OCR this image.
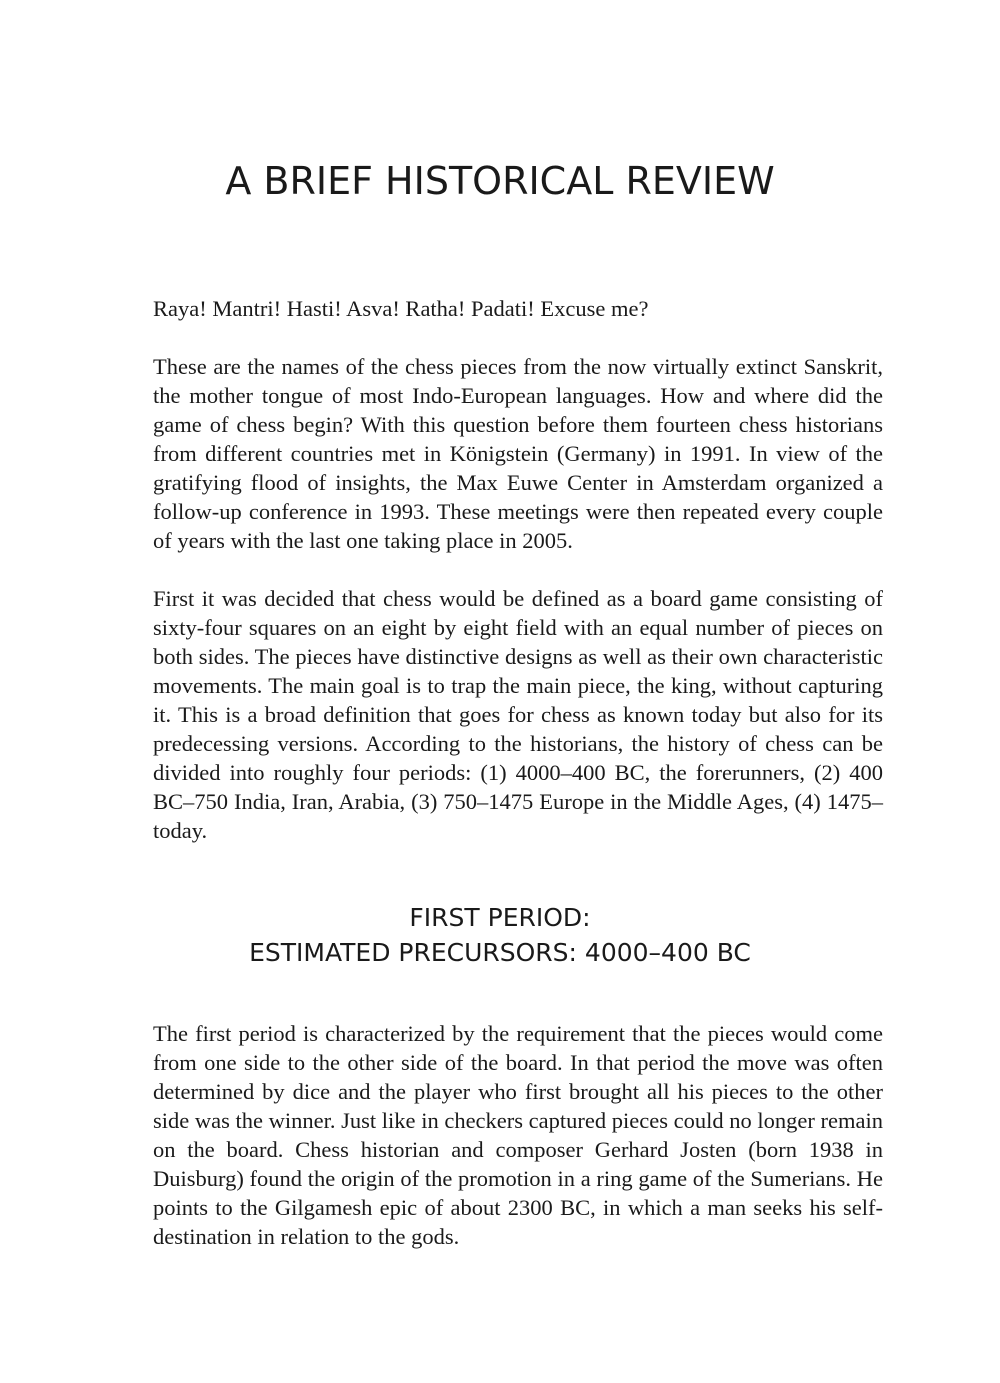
A BRIEF HISTORICAL REVIEW

Raya! Mantri! Hasti! Asva! Ratha! Padati! Excuse me?

These are the names of the chess pieces from the now virtually extinct Sanskrit, the mother tongue of most Indo-European languages. How and where did the game of chess begin? With this question before them fourteen chess historians from different countries met in Königstein (Germany) in 1991. In view of the gratifying flood of insights, the Max Euwe Center in Amsterdam organized a follow-up conference in 1993. These meetings were then repeated every couple of years with the last one taking place in 2005.

First it was decided that chess would be defined as a board game consisting of sixty-four squares on an eight by eight field with an equal number of pieces on both sides. The pieces have distinctive designs as well as their own characteristic movements. The main goal is to trap the main piece, the king, without capturing it. This is a broad definition that goes for chess as known today but also for its predecessing versions. According to the historians, the history of chess can be divided into roughly four periods: (1) 4000–400 BC, the forerunners, (2) 400 BC–750 India, Iran, Arabia, (3) 750–1475 Europe in the Middle Ages, (4) 1475–today.

FIRST PERIOD:
ESTIMATED PRECURSORS: 4000–400 BC

The first period is characterized by the requirement that the pieces would come from one side to the other side of the board. In that period the move was often determined by dice and the player who first brought all his pieces to the other side was the winner. Just like in checkers captured pieces could no longer remain on the board. Chess historian and composer Gerhard Josten (born 1938 in Duisburg) found the origin of the promotion in a ring game of the Sumerians. He points to the Gilgamesh epic of about 2300 BC, in which a man seeks his self-destination in relation to the gods.
